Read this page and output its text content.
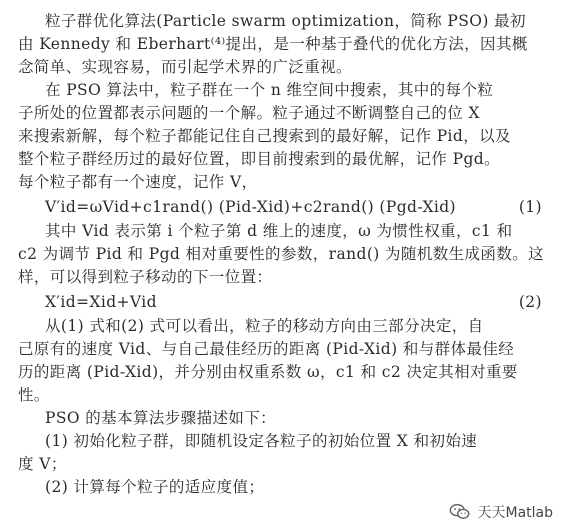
粒子群优化算法(Particle swarm optimization，简称 PSO) 最初
由 Kennedy 和 Eberhart⁽⁴⁾提出，是一种基于叠代的优化方法，因其概
念简单、实现容易，而引起学术界的广泛重视。
在 PSO 算法中，粒子群在一个 n 维空间中搜索，其中的每个粒
子所处的位置都表示问题的一个解。粒子通过不断调整自己的位 X
来搜索新解，每个粒子都能记住自己搜索到的最好解，记作 Pid，以及
整个粒子群经历过的最好位置，即目前搜索到的最优解，记作 Pgd。
每个粒子都有一个速度，记作 V，
V′id=ωVid+c1rand() (Pid-Xid)+c2rand() (Pgd-Xid)	(1)
其中 Vid 表示第 i 个粒子第 d 维上的速度，ω 为惯性权重，c1 和
c2 为调节 Pid 和 Pgd 相对重要性的参数，rand() 为随机数生成函数。这
样，可以得到粒子移动的下一位置：
X′id=Xid+Vid	(2)
从(1) 式和(2) 式可以看出，粒子的移动方向由三部分决定，自
己原有的速度 Vid、与自己最佳经历的距离 (Pid-Xid) 和与群体最佳经
历的距离 (Pid-Xid)，并分别由权重系数 ω，c1 和 c2 决定其相对重要
性。
PSO 的基本算法步骤描述如下：
(1) 初始化粒子群，即随机设定各粒子的初始位置 X 和初始速
度 V；
(2) 计算每个粒子的适应度值；
天天Matlab
